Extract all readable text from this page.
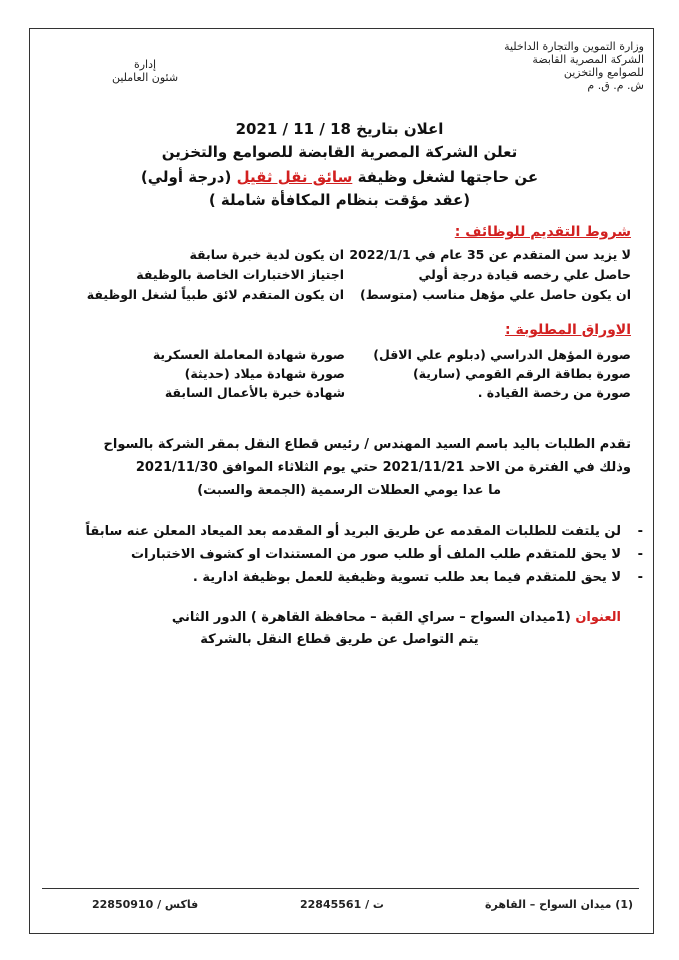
وزارة التموين والتجارة الداخلية
الشركة المصرية القابضة
للصوامع والتخزين
ش. م. ق. م
إدارة
شئون العاملين
اعلان بتاريخ 18 / 11 / 2021
تعلن الشركة المصرية القابضة للصوامع والتخزين
عن حاجتها لشغل وظيفة سائق نقل ثقيل (درجة أولي)
(عقد مؤقت بنظام المكافأة شاملة )
شروط التقديم للوظائف :
لا يزيد سن المتقدم عن 35 عام في 2022/1/1
حاصل علي رخصه قيادة درجة أولي
ان يكون حاصل علي مؤهل مناسب (متوسط)
ان يكون لدية خبرة سابقة
اجتياز الاختبارات الخاصة بالوظيفة
ان يكون المتقدم لائق طبياً لشغل الوظيفة
الاوراق المطلوبة :
صورة المؤهل الدراسي (دبلوم علي الاقل)
صورة بطاقة الرقم القومي (سارية)
صورة من رخصة القيادة .
صورة شهادة المعاملة العسكرية
صورة شهادة ميلاد (حديثة)
شهادة خبرة بالأعمال السابقة
تقدم الطلبات باليد باسم السيد المهندس / رئيس قطاع النقل بمقر الشركة بالسواح
وذلك في الفترة من الاحد 2021/11/21 حتي يوم الثلاثاء الموافق 2021/11/30
ما عدا يومي العطلات الرسمية (الجمعة والسبت)
- لن يلتفت للطلبات المقدمه عن طريق البريد أو المقدمه بعد الميعاد المعلن عنه سابقاً
- لا يحق للمتقدم طلب الملف أو طلب صور من المستندات او كشوف الاختبارات
- لا يحق للمتقدم فيما بعد طلب تسوية وظيفية للعمل بوظيفة ادارية .
العنوان (1ميدان السواح – سراي القبة – محافظة القاهرة ) الدور الثاني
يتم التواصل عن طريق قطاع النقل بالشركة
(1) ميدان السواح – القاهرة
ت / 22845561
فاكس / 22850910
